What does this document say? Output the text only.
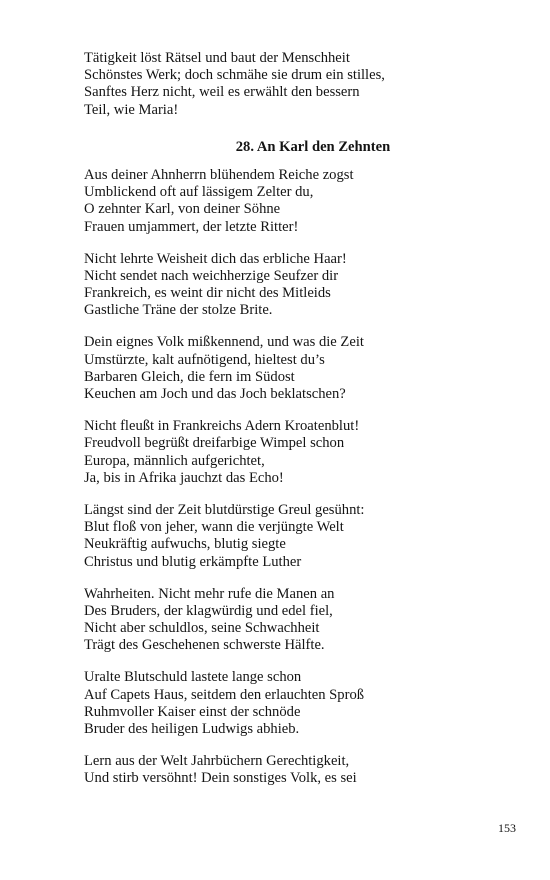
Tätigkeit löst Rätsel und baut der Menschheit
Schönstes Werk; doch schmähe sie drum ein stilles,
Sanftes Herz nicht, weil es erwählt den bessern
Teil, wie Maria!
28. An Karl den Zehnten
Aus deiner Ahnherrn blühendem Reiche zogst
Umblickend oft auf lässigem Zelter du,
O zehnter Karl, von deiner Söhne
Frauen umjammert, der letzte Ritter!
Nicht lehrte Weisheit dich das erbliche Haar!
Nicht sendet nach weichherzige Seufzer dir
Frankreich, es weint dir nicht des Mitleids
Gastliche Träne der stolze Brite.
Dein eignes Volk mißkennend, und was die Zeit
Umstürzte, kalt aufnötigend, hieltest du’s
Barbaren Gleich, die fern im Südost
Keuchen am Joch und das Joch beklatschen?
Nicht fleußt in Frankreichs Adern Kroatenblut!
Freudvoll begrüßt dreifarbige Wimpel schon
Europa, männlich aufgerichtet,
Ja, bis in Afrika jauchzt das Echo!
Längst sind der Zeit blutdürstige Greul gesühnt:
Blut floß von jeher, wann die verjüngte Welt
Neukräftig aufwuchs, blutig siegte
Christus und blutig erkämpfte Luther
Wahrheiten. Nicht mehr rufe die Manen an
Des Bruders, der klagwürdig und edel fiel,
Nicht aber schuldlos, seine Schwachheit
Trägt des Geschehenen schwerste Hälfte.
Uralte Blutschuld lastete lange schon
Auf Capets Haus, seitdem den erlauchten Sproß
Ruhmvoller Kaiser einst der schnöde
Bruder des heiligen Ludwigs abhieb.
Lern aus der Welt Jahrbüchern Gerechtigkeit,
Und stirb versöhnt! Dein sonstiges Volk, es sei
153
